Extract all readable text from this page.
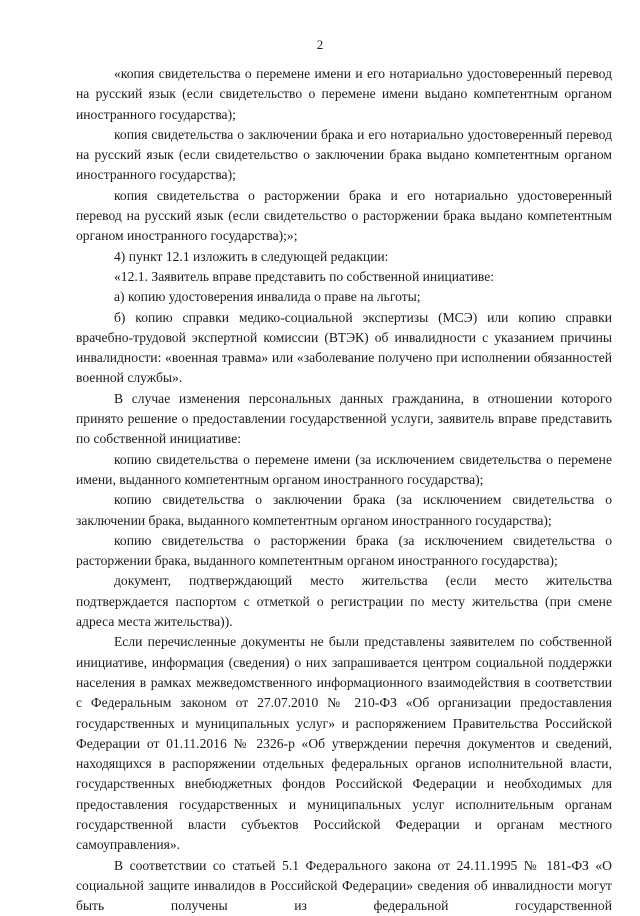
2

«копия свидетельства о перемене имени и его нотариально удостоверенный перевод на русский язык (если свидетельство о перемене имени выдано компетентным органом иностранного государства);

копия свидетельства о заключении брака и его нотариально удостоверенный перевод на русский язык (если свидетельство о заключении брака выдано компетентным органом иностранного государства);

копия свидетельства о расторжении брака и его нотариально удостоверенный перевод на русский язык (если свидетельство о расторжении брака выдано компетентным органом иностранного государства);»;

4) пункт 12.1 изложить в следующей редакции:

«12.1. Заявитель вправе представить по собственной инициативе:

а) копию удостоверения инвалида о праве на льготы;

б) копию справки медико-социальной экспертизы (МСЭ) или копию справки врачебно-трудовой экспертной комиссии (ВТЭК) об инвалидности с указанием причины инвалидности: «военная травма» или «заболевание получено при исполнении обязанностей военной службы».

В случае изменения персональных данных гражданина, в отношении которого принято решение о предоставлении государственной услуги, заявитель вправе представить по собственной инициативе:

копию свидетельства о перемене имени (за исключением свидетельства о перемене имени, выданного компетентным органом иностранного государства);

копию свидетельства о заключении брака (за исключением свидетельства о заключении брака, выданного компетентным органом иностранного государства);

копию свидетельства о расторжении брака (за исключением свидетельства о расторжении брака, выданного компетентным органом иностранного государства);

документ, подтверждающий место жительства (если место жительства подтверждается паспортом с отметкой о регистрации по месту жительства (при смене адреса места жительства)).

Если перечисленные документы не были представлены заявителем по собственной инициативе, информация (сведения) о них запрашивается центром социальной поддержки населения в рамках межведомственного информационного взаимодействия в соответствии с Федеральным законом от 27.07.2010 № 210-ФЗ «Об организации предоставления государственных и муниципальных услуг» и распоряжением Правительства Российской Федерации от 01.11.2016 № 2326-р «Об утверждении перечня документов и сведений, находящихся в распоряжении отдельных федеральных органов исполнительной власти, государственных внебюджетных фондов Российской Федерации и необходимых для предоставления государственных и муниципальных услуг исполнительным органам государственной власти субъектов Российской Федерации и органам местного самоуправления».

В соответствии со статьей 5.1 Федерального закона от 24.11.1995 № 181-ФЗ «О социальной защите инвалидов в Российской Федерации» сведения об инвалидности могут быть получены из федеральной государственной
